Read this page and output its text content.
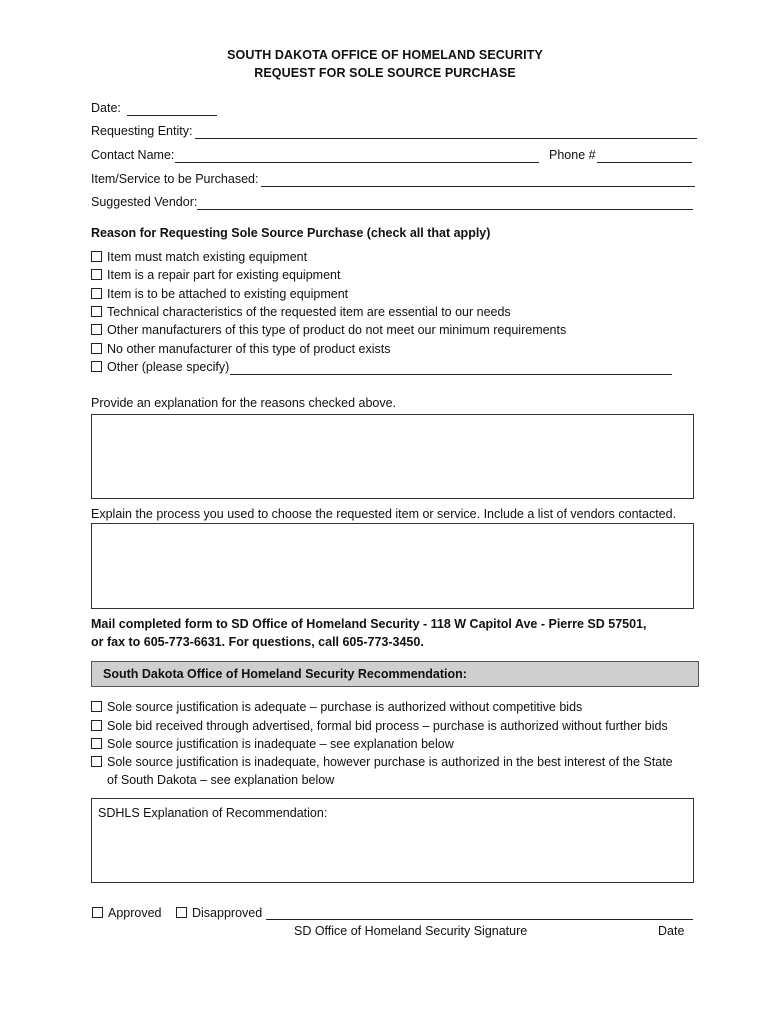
SOUTH DAKOTA OFFICE OF HOMELAND SECURITY
REQUEST FOR SOLE SOURCE PURCHASE
Date:
Requesting Entity:
Contact Name:	Phone #
Item/Service to be Purchased:
Suggested Vendor:
Reason for Requesting Sole Source Purchase (check all that apply)
Item must match existing equipment
Item is a repair part for existing equipment
Item is to be attached to existing equipment
Technical characteristics of the requested item are essential to our needs
Other manufacturers of this type of product do not meet our minimum requirements
No other manufacturer of this type of product exists
Other (please specify)
Provide an explanation for the reasons checked above.
Explain the process you used to choose the requested item or service. Include a list of vendors contacted.
Mail completed form to SD Office of Homeland Security - 118 W Capitol Ave - Pierre SD 57501,
or fax to 605-773-6631. For questions, call 605-773-3450.
South Dakota Office of Homeland Security Recommendation:
Sole source justification is adequate – purchase is authorized without competitive bids
Sole bid received through advertised, formal bid process – purchase is authorized without further bids
Sole source justification is inadequate – see explanation below
Sole source justification is inadequate, however purchase is authorized in the best interest of the State
of South Dakota – see explanation below
SDHLS Explanation of Recommendation:
Approved	Disapproved
SD Office of Homeland Security Signature	Date
